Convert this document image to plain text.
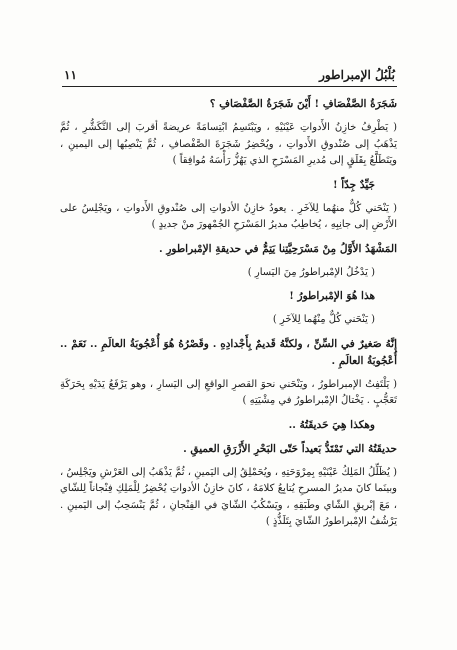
بُلْبُلُ الإمبراطور
١١

شَجَرَةُ الصَّفْصَافِ ! أَيْنَ شَجَرَةُ الصَّفْصَافِ ؟

( يَطْرِفُ خازِنُ الأَدواتِ عَيْنَيْهِ ، ويَبْتَسِمُ ابْتِسامَةً عريضةً أقربَ إلى التَّكَشُّرِ ، ثُمَّ يَذْهَبُ إلى صُنْدوقِ الأَدواتِ ، ويُحْضِرُ شَجَرَةَ الصَّفْصافِ ، ثُمَّ يَنْصِبُها إلى اليمينِ ، ويَتَطَلَّعُ بِقَلَقٍ إلى مُديرِ المَسْرَحِ الذي يَهُزُّ رَأْسَهُ مُوافِقاً )

جَيِّدٌ جِدّاً !

( يَنْحَني كُلٌّ منهُما لِلآخَرِ . يعودُ خازِنُ الأدواتِ إلى صُنْدوقِ الأَدواتِ ، ويَجْلِسُ على الأَرْضِ إلى جانِبِهِ ، يُخاطِبُ مديرُ المَسْرَحِ الجُمْهورَ منْ جديدٍ )

المَشْهَدُ الأَوَّلُ مِنْ مَسْرَحِيَّتِنا يَتِمُّ في حديقةِ الإمْبراطورِ .

( يَدْخُلُ الإمْبراطورُ مِنَ اليَسارِ )

هذا هُوَ الإمْبراطورُ !

( يَنْحَني كُلٌّ مِنْهُما لِلآخَرِ )

إنَّهُ صَغيرٌ في السِّنِّ ، ولكنَّهُ قَديمٌ بِأَجْدادِهِ . وقَصْرُهُ هُوَ أُعْجُوبَةُ العالَمِ .. نَعَمْ .. أُعْجُوبَةُ العالَمِ .

( يَلْتَفِتُ الإمبراطورُ ، ويَنْحَني نحوَ القصرِ الواقعِ إلى اليَسارِ ، وهو يَرْفَعُ يَدَيْهِ بِحَرَكَةِ تَعَجُّبٍ . يَخْتالُ الإمْبراطورُ في مِشْيَتِهِ )

وهكذا هِيَ حَديقَتُهُ ..

حديقَتُهُ التي تَمْتَدُّ بَعيداً حَتّى البَحْرِ الأَزْرَقِ العميقِ .

( يُظَلِّلُ المَلِكُ عَيْنَيْهِ بِمِرْوَحَتِهِ ، ويُحَمْلِقُ إلى اليَمينِ ، ثُمَّ يَذْهَبُ إلى العَرْشِ ويَجْلِسُ ، وبينَما كانَ مديرُ المسرحِ يُتابِعُ كلامَهُ ، كانَ خازِنُ الأدواتِ يُحْضِرُ لِلْمَلِكِ فِنْجاناً لِلشّاي ، مَعَ إبْريقِ الشّاي وطَبَقِهِ ، ويَسْكُبُ الشّايَ في الفِنْجانِ ، ثُمَّ يَنْسَحِبُ إلى اليَمينِ . يَرْشُفُ الإمْبراطورُ الشّايَ بِتَلَذُّذٍ )
